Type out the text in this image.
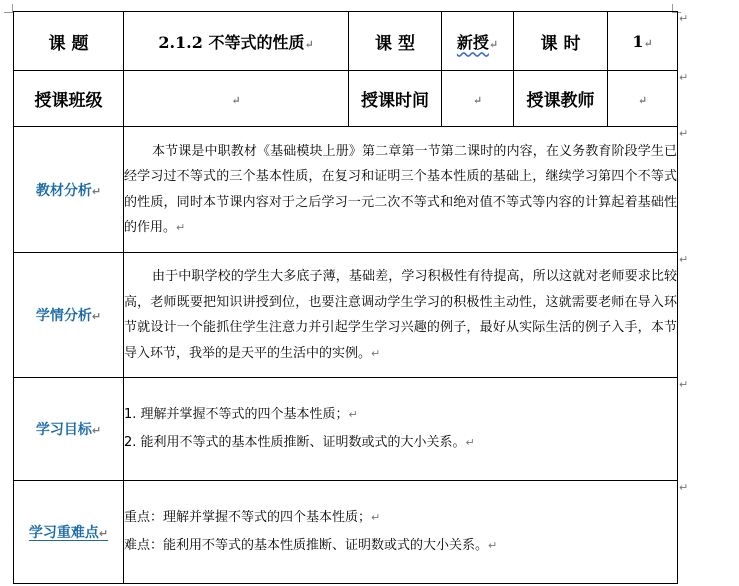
课 题	2.1.2 不等式的性质↵	课 型	新授↵	课 时	1↵
授课班级	↵	授课时间	↵	授课教师	↵
教材分析↵	本节课是中职教材《基础模块上册》第二章第一节第二课时的内容，在义务教育阶段学生已经学习过不等式的三个基本性质，在复习和证明三个基本性质的基础上，继续学习第四个不等式的性质，同时本节课内容对于之后学习一元二次不等式和绝对值不等式等内容的计算起着基础性的作用。↵				
学情分析↵	由于中职学校的学生大多底子薄，基础差，学习积极性有待提高，所以这就对老师要求比较高，老师既要把知识讲授到位，也要注意调动学生学习的积极性主动性，这就需要老师在导入环节就设计一个能抓住学生注意力并引起学生学习兴趣的例子，最好从实际生活的例子入手，本节导入环节，我举的是天平的生活中的实例。↵				
学习目标↵	1. 理解并掌握不等式的四个基本性质；↵
2. 能利用不等式的基本性质推断、证明数或式的大小关系。↵				

学习重难点↵	重点：理解并掌握不等式的四个基本性质；↵
难点：能利用不等式的基本性质推断、证明数或式的大小关系。↵				
↵
↵
↵
↵
↵
↵
